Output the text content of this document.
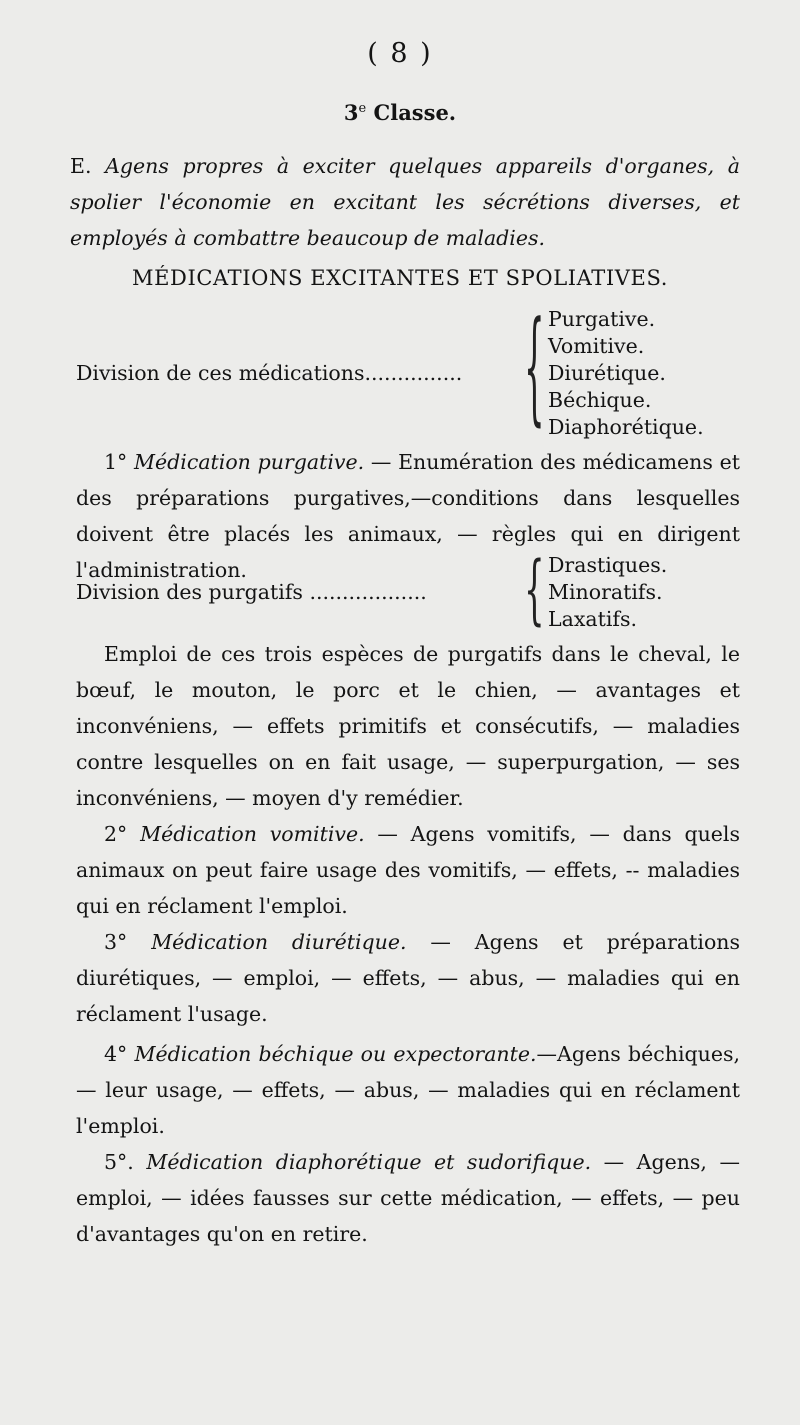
( 8 )
3e Classe.
E. Agens propres à exciter quelques appareils d'organes, à spolier l'économie en excitant les sécrétions diverses, et employés à combattre beaucoup de maladies.
MÉDICATIONS EXCITANTES ET SPOLIATIVES.
Division de ces médications............... { Purgative.
Vomitive.
Diurétique.
Béchique.
Diaphorétique.
1° Médication purgative. — Enumération des médicamens et des préparations purgatives,—conditions dans lesquelles doivent être placés les animaux, — règles qui en dirigent l'administration.
Division des purgatifs ..................	{ Drastiques.
Minoratifs.
Laxatifs.
Emploi de ces trois espèces de purgatifs dans le cheval, le bœuf, le mouton, le porc et le chien, — avantages et inconvéniens, — effets primitifs et consécutifs, — maladies contre lesquelles on en fait usage, — superpurgation, — ses inconvéniens, — moyen d'y remédier.
2° Médication vomitive. — Agens vomitifs, — dans quels animaux on peut faire usage des vomitifs, — effets, -- maladies qui en réclament l'emploi.
3° Médication diurétique. — Agens et préparations diurétiques, — emploi, — effets, — abus, — maladies qui en réclament l'usage.
4° Médication béchique ou expectorante.—Agens béchiques, — leur usage, — effets, — abus, — maladies qui en réclament l'emploi.
5°. Médication diaphorétique et sudorifique. — Agens, — emploi, — idées fausses sur cette médication, — effets, — peu d'avantages qu'on en retire.
